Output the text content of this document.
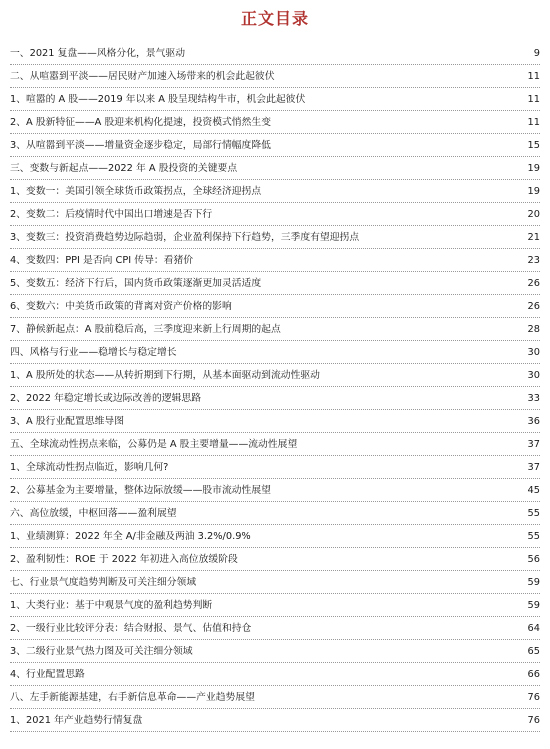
正文目录
一、2021 复盘——风格分化，景气驱动	9
二、从喧嚣到平淡——居民财产加速入场带来的机会此起彼伏	11
1、喧嚣的 A 股——2019 年以来 A 股呈现结构牛市，机会此起彼伏	11
2、A 股新特征——A 股迎来机构化提速，投资模式悄然生变	11
3、从喧嚣到平淡——增量资金逐步稳定，局部行情幅度降低	15
三、变数与新起点——2022 年 A 股投资的关键要点	19
1、变数一：美国引领全球货币政策拐点，全球经济迎拐点	19
2、变数二：后疫情时代中国出口增速是否下行	20
3、变数三：投资消费趋势边际趋弱，企业盈利保持下行趋势，三季度有望迎拐点	21
4、变数四：PPI 是否向 CPI 传导：看猪价	23
5、变数五：经济下行后，国内货币政策逐渐更加灵活适度	26
6、变数六：中美货币政策的背离对资产价格的影响	26
7、静候新起点：A 股前稳后高，三季度迎来新上行周期的起点	28
四、风格与行业——稳增长与稳定增长	30
1、A 股所处的状态——从转折期到下行期，从基本面驱动到流动性驱动	30
2、2022 年稳定增长或边际改善的逻辑思路	33
3、A 股行业配置思维导图	36
五、全球流动性拐点来临，公募仍是 A 股主要增量——流动性展望	37
1、全球流动性拐点临近，影响几何?	37
2、公募基金为主要增量，整体边际放缓——股市流动性展望	45
六、高位放缓，中枢回落——盈利展望	55
1、业绩测算：2022 年全 A/非金融及两油 3.2%/0.9%	55
2、盈利韧性：ROE 于 2022 年初进入高位放缓阶段	56
七、行业景气度趋势判断及可关注细分领域	59
1、大类行业：基于中观景气度的盈利趋势判断	59
2、一级行业比较评分表：结合财报、景气、估值和持仓	64
3、二级行业景气热力图及可关注细分领域	65
4、行业配置思路	66
八、左手新能源基建，右手新信息革命——产业趋势展望	76
1、2021 年产业趋势行情复盘	76
